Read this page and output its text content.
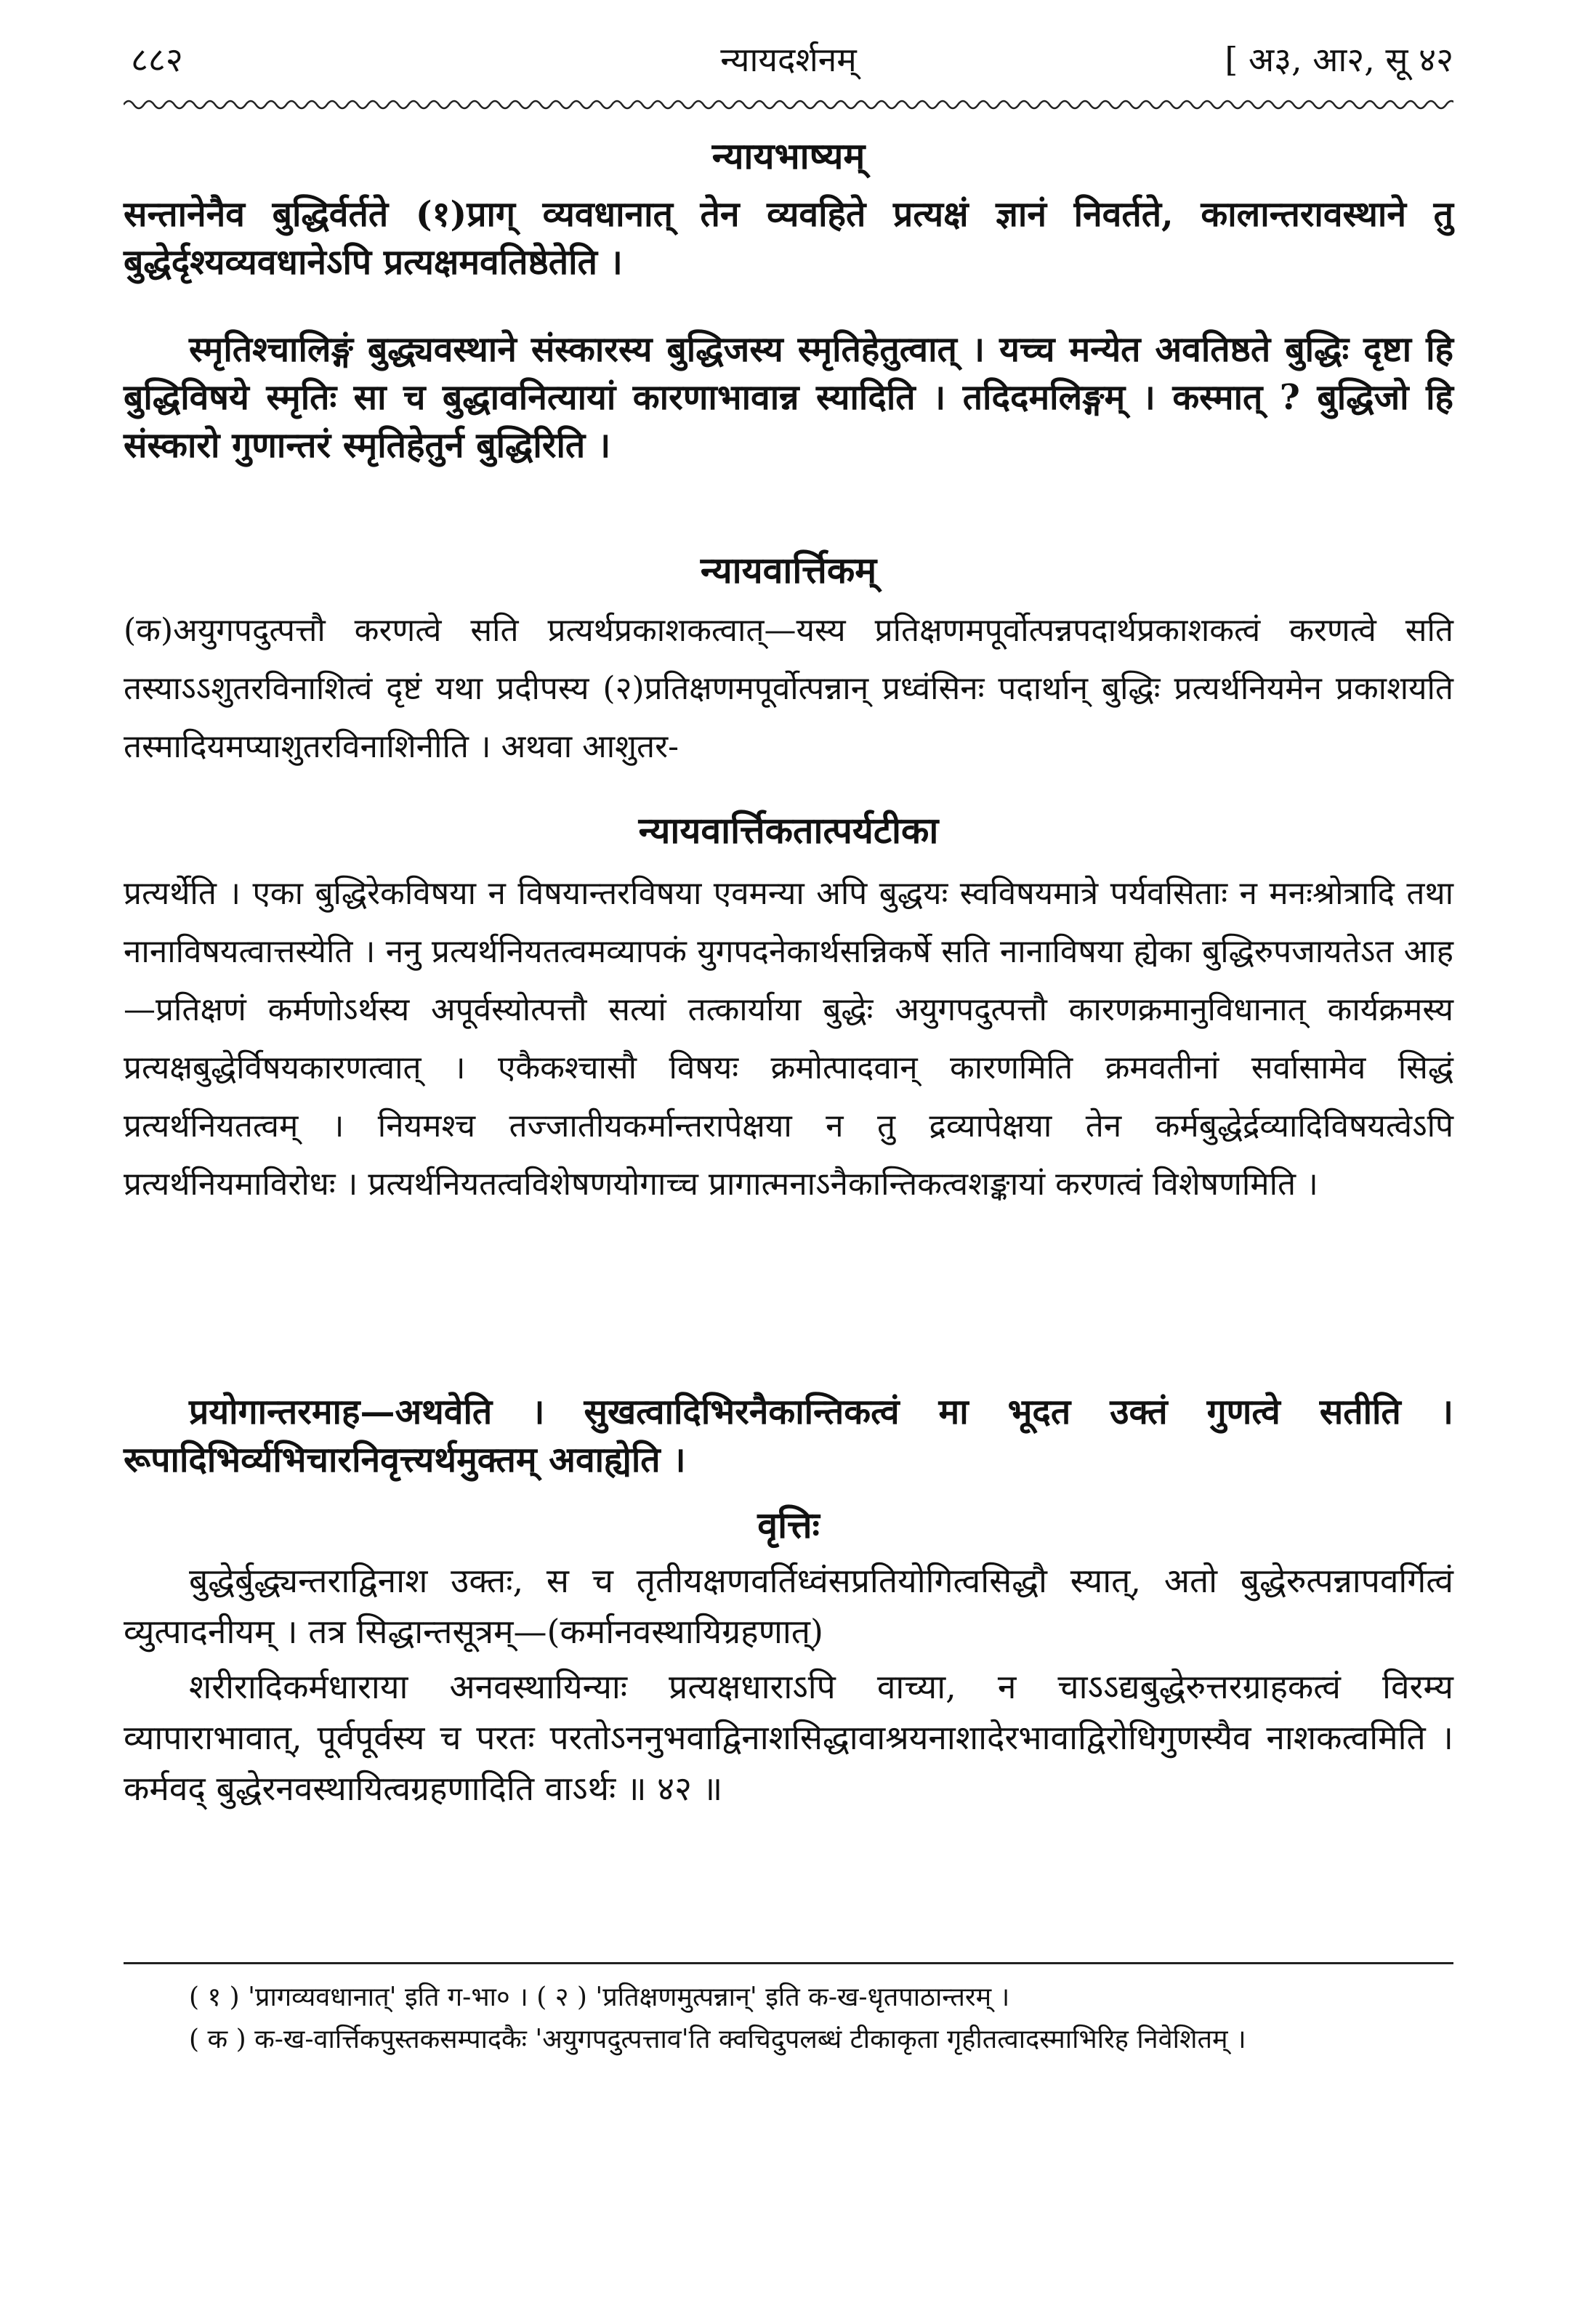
८८२	न्यायदर्शनम्	[ अ३, आ२, सू ४२
न्यायभाष्यम्

सन्तानेनैव बुद्धिर्वर्तते (१)प्राग् व्यवधानात् तेन व्यवहिते प्रत्यक्षं ज्ञानं निवर्तते, कालान्तरावस्थाने तु बुद्धेर्दृश्यव्यवधानेऽपि प्रत्यक्षमवतिष्ठेतेति ।

स्मृतिश्चालिङ्गं बुद्ध्यवस्थाने संस्कारस्य बुद्धिजस्य स्मृतिहेतुत्वात् । यच्च मन्येत अवतिष्ठते बुद्धिः दृष्टा हि बुद्धिविषये स्मृतिः सा च बुद्धावनित्यायां कारणाभावान्न स्यादिति । तदिदमलिङ्गम् । कस्मात् ? बुद्धिजो हि संस्कारो गुणान्तरं स्मृतिहेतुर्न बुद्धिरिति ।

न्यायवार्त्तिकम्

(क)अयुगपदुत्पत्तौ करणत्वे सति प्रत्यर्थप्रकाशकत्वात्—यस्य प्रतिक्षणमपूर्वोत्पन्नपदार्थप्रकाशकत्वं करणत्वे सति तस्याऽऽशुतरविनाशित्वं दृष्टं यथा प्रदीपस्य (२)प्रतिक्षणमपूर्वोत्पन्नान् प्रध्वंसिनः पदार्थान् बुद्धिः प्रत्यर्थनियमेन प्रकाशयति तस्मादियमप्याशुतरविनाशिनीति । अथवा आशुतर-

न्यायवार्त्तिकतात्पर्यटीका

प्रत्यर्थेति । एका बुद्धिरेकविषया न विषयान्तरविषया एवमन्या अपि बुद्धयः स्वविषयमात्रे पर्यवसिताः न मनःश्रोत्रादि तथा नानाविषयत्वात्तस्येति । ननु प्रत्यर्थनियतत्वमव्यापकं युगपदनेकार्थसन्निकर्षे सति नानाविषया ह्येका बुद्धिरुपजायतेऽत आह—प्रतिक्षणं कर्मणोऽर्थस्य अपूर्वस्योत्पत्तौ सत्यां तत्कार्याया बुद्धेः अयुगपदुत्पत्तौ कारणक्रमानुविधानात् कार्यक्रमस्य प्रत्यक्षबुद्धेर्विषयकारणत्वात् । एकैकश्चासौ विषयः क्रमोत्पादवान् कारणमिति क्रमवतीनां सर्वासामेव सिद्धं प्रत्यर्थनियतत्वम् । नियमश्च तज्जातीयकर्मान्तरापेक्षया न तु द्रव्यापेक्षया तेन कर्मबुद्धेर्द्रव्यादिविषयत्वेऽपि प्रत्यर्थनियमाविरोधः । प्रत्यर्थनियतत्वविशेषणयोगाच्च प्रागात्मनाऽनैकान्तिकत्वशङ्कायां करणत्वं विशेषणमिति ।

प्रयोगान्तरमाह—अथवेति । सुखत्वादिभिरनैकान्तिकत्वं मा भूदत उक्तं गुणत्वे सतीति । रूपादिभिर्व्यभिचारनिवृत्त्यर्थमुक्तम् अवाह्येति ।

वृत्तिः

बुद्धेर्बुद्ध्यन्तराद्विनाश उक्तः, स च तृतीयक्षणवर्तिध्वंसप्रतियोगित्वसिद्धौ स्यात्, अतो बुद्धेरुत्पन्नापवर्गित्वं व्युत्पादनीयम् । तत्र सिद्धान्तसूत्रम्—(कर्मानवस्थायिग्रहणात्)

शरीरादिकर्मधाराया अनवस्थायिन्याः प्रत्यक्षधाराऽपि वाच्या, न चाऽऽद्यबुद्धेरुत्तरग्राहकत्वं विरम्य व्यापाराभावात्, पूर्वपूर्वस्य च परतः परतोऽननुभवाद्विनाशसिद्धावाश्रयनाशादेरभावाद्विरोधिगुणस्यैव नाशकत्वमिति । कर्मवद् बुद्धेरनवस्थायित्वग्रहणादिति वाऽर्थः ॥ ४२ ॥

( १ ) 'प्रागव्यवधानात्' इति ग-भा० । ( २ ) 'प्रतिक्षणमुत्पन्नान्' इति क-ख-धृतपाठान्तरम् ।

( क ) क-ख-वार्त्तिकपुस्तकसम्पादकैः 'अयुगपदुत्पत्ताव'ति क्वचिदुपलब्धं टीकाकृता गृहीतत्वादस्माभिरिह निवेशितम् ।
